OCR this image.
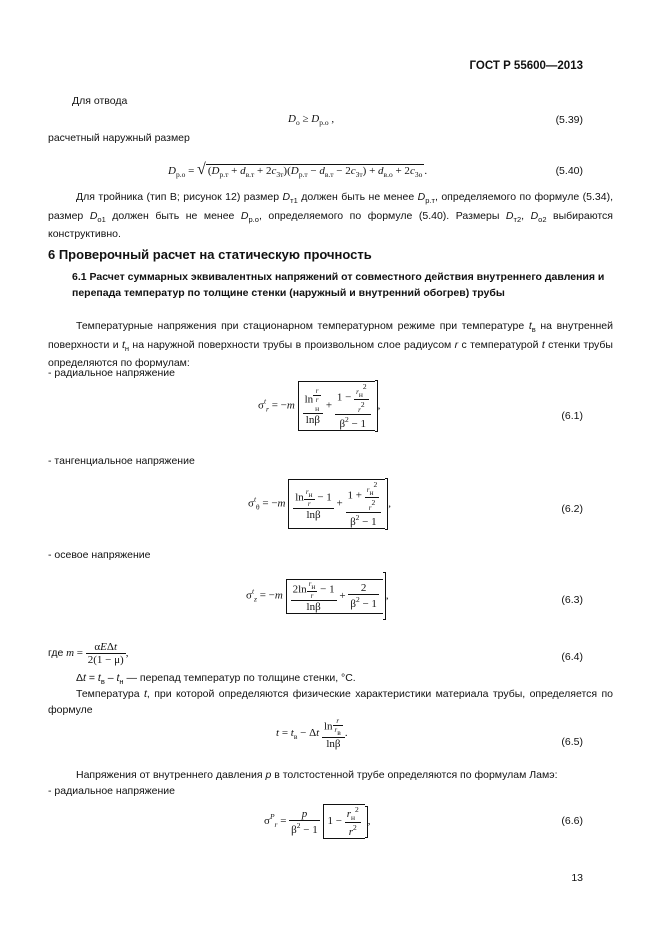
ГОСТ Р 55600—2013
Для отвода
$D_о \ge D_{р.о}$ ,	(5.39)
расчетный наружный размер
$D_{р.о}$ = √ $(D_{р.т} + d_{в.т} + 2c_{3т})(D_{р.т} - d_{в.т} - 2c_{3т}) + d_{в.о} + 2c_{3о}$ .	(5.40)
Для тройника (тип В; рисунок 12) размер $D_{т1}$ должен быть не менее $D_{р.т}$, определяемого по формуле (5.34), размер $D_{о1}$ должен быть не менее $D_{р.о}$, определяемого по формуле (5.40). Размеры $D_{т2}$, $D_{о2}$ выбираются конструктивно.
6 Проверочный расчет на статическую прочность
6.1 Расчет суммарных эквивалентных напряжений от совместного действия внутреннего давления и перепада температур по толщине стенки (наружный и внутренний обогрев) трубы
Температурные напряжения при стационарном температурном режиме при температуре $t_в$ на внутренней поверхности и $t_н$ на наружной поверхности трубы в произвольном слое радиусом r с температурой t стенки трубы определяются по формулам:
- радиальное напряжение
$\sigma^t_r = -m$ ln
r
r
н
$\ln\beta + \frac{1 - \frac{rн2}{r2}}{\beta^2 - 1}$ ,
(6.1)
- тангенциальное напряжение
$\sigma^t_\theta = -m \frac{\ln \frac{rн}{r} - 1}{\ln\beta} + \frac{1 + \frac{rн2}{r2}}{\beta^2 - 1}$ ,	(6.2)
- осевое напряжение
$\sigma^t_z = -m \frac{2\ln \frac{rн}{r} - 1}{\ln\beta} + \frac{2}{\beta^2 - 1}$ ,	(6.3)
где $m = \frac{\text{αEΔt}}{2(1 - \mu)}$ ,	(6.4)
$\Delta t = t_в - t_н$ — перепад температур по толщине стенки, °С.
Температура t, при которой определяются физические характеристики материала трубы, определяется по формуле
$t = t_в - \Delta t \frac{\ln \frac{r}{rв}}{\ln\beta}$ .
(6.5)
Напряжения от внутреннего давления p в толстостенной трубе определяются по формулам Ламэ:
- радиальное напряжение
$\sigma^P_r = \frac{p}{\beta^2 - 1} 1 - \frac{r_н^2}{r^2}$ ,	(6.6)
13
